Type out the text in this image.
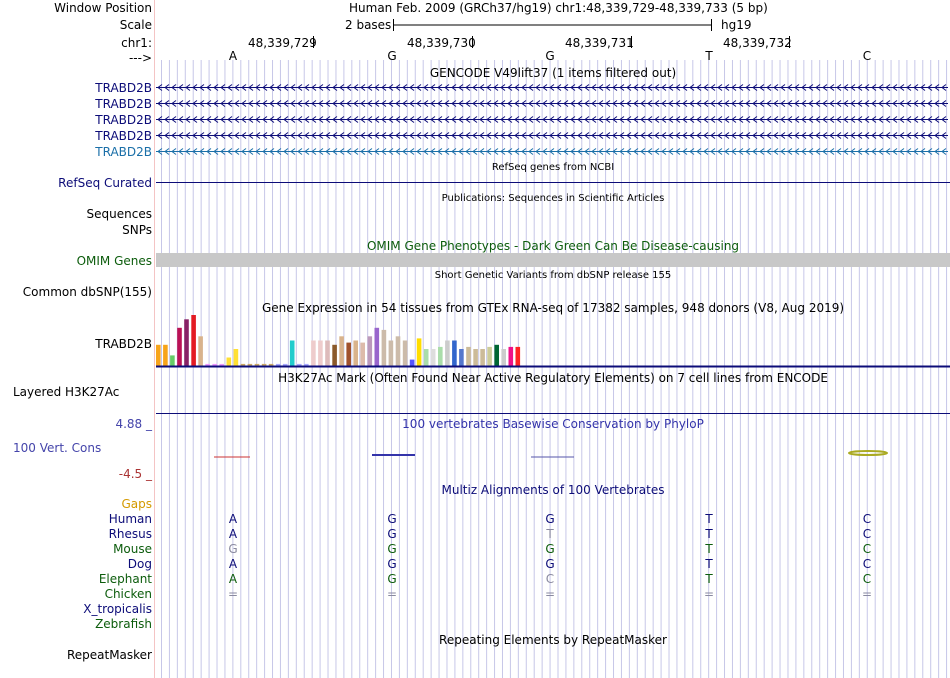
Window Position	Human Feb. 2009 (GRCh37/hg19) chr1:48,339,729-48,339,733 (5 bp)
Scale	2 bases	hg19
chr1:	48,339,729	48,339,730	48,339,731	48,339,732
--->	A	G	G	T	C
GENCODE V49lift37 (1 items filtered out)
TRABD2B
TRABD2B
TRABD2B
TRABD2B
TRABD2B
RefSeq genes from NCBI
RefSeq Curated
Publications: Sequences in Scientific Articles
Sequences
SNPs
OMIM Gene Phenotypes - Dark Green Can Be Disease-causing
OMIM Genes
Short Genetic Variants from dbSNP release 155
Common dbSNP(155)
Gene Expression in 54 tissues from GTEx RNA-seq of 17382 samples, 948 donors (V8, Aug 2019)
TRABD2B
H3K27Ac Mark (Often Found Near Active Regulatory Elements) on 7 cell lines from ENCODE
Layered H3K27Ac
100 vertebrates Basewise Conservation by PhyloP
4.88 _
100 Vert. Cons
-4.5 _
Multiz Alignments of 100 Vertebrates
Gaps
Human	A	G	G	T	C
Rhesus	A	G	T	T	C
Mouse	G	G	G	T	C
Dog	A	G	G	T	C
Elephant	A	G	C	T	C
Chicken	=	=	=	=	=
X_tropicalis
Zebrafish
Repeating Elements by RepeatMasker
RepeatMasker
